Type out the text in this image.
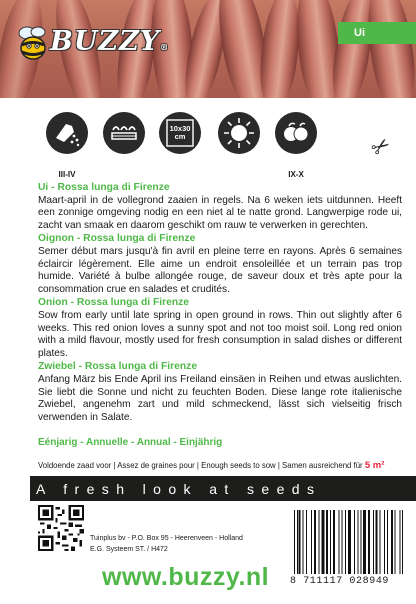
BUZZY®
Ui
III-IV
10x30 cm
IX-X
✂
Ui - Rossa lunga di Firenze
Maart-april in de vollegrond zaaien in regels. Na 6 weken iets uitdunnen. Heeft een zonnige omgeving nodig en een niet al te natte grond. Langwerpige rode ui, zacht van smaak en daarom geschikt om rauw te verwerken in gerechten.
Oignon - Rossa lunga di Firenze
Semer début mars jusqu'à fin avril en pleine terre en rayons. Après 6 semaines éclaircir légèrement. Elle aime un endroit ensoleillée et un terrain pas trop humide. Variété à bulbe allongée rouge, de saveur doux et très apte pour la consommation crue en salades et crudités.
Onion - Rossa lunga di Firenze
Sow from early until late spring in open ground in rows. Thin out slightly after 6 weeks. This red onion loves a sunny spot and not too moist soil. Long red onion with a mild flavour, mostly used for fresh consumption in salad dishes or different plates.
Zwiebel - Rossa lunga di Firenze
Anfang März bis Ende April ins Freiland einsäen in Reihen und etwas auslichten. Sie liebt die Sonne und nicht zu feuchten Boden. Diese lange rote italienische Zwiebel, angenehm zart und mild schmeckend, lässt sich vielseitig frisch verwenden in Salate.
Eénjarig - Annuelle - Annual - Einjährig
Voldoende zaad voor | Assez de graines pour | Enough seeds to sow | Samen ausreichend für 5 m²
A fresh look at seeds
Tuinplus bv - P.O. Box 95 - Heerenveen - Holland
E.G. Systeem ST. / H472
www.buzzy.nl 8 711117 028949
